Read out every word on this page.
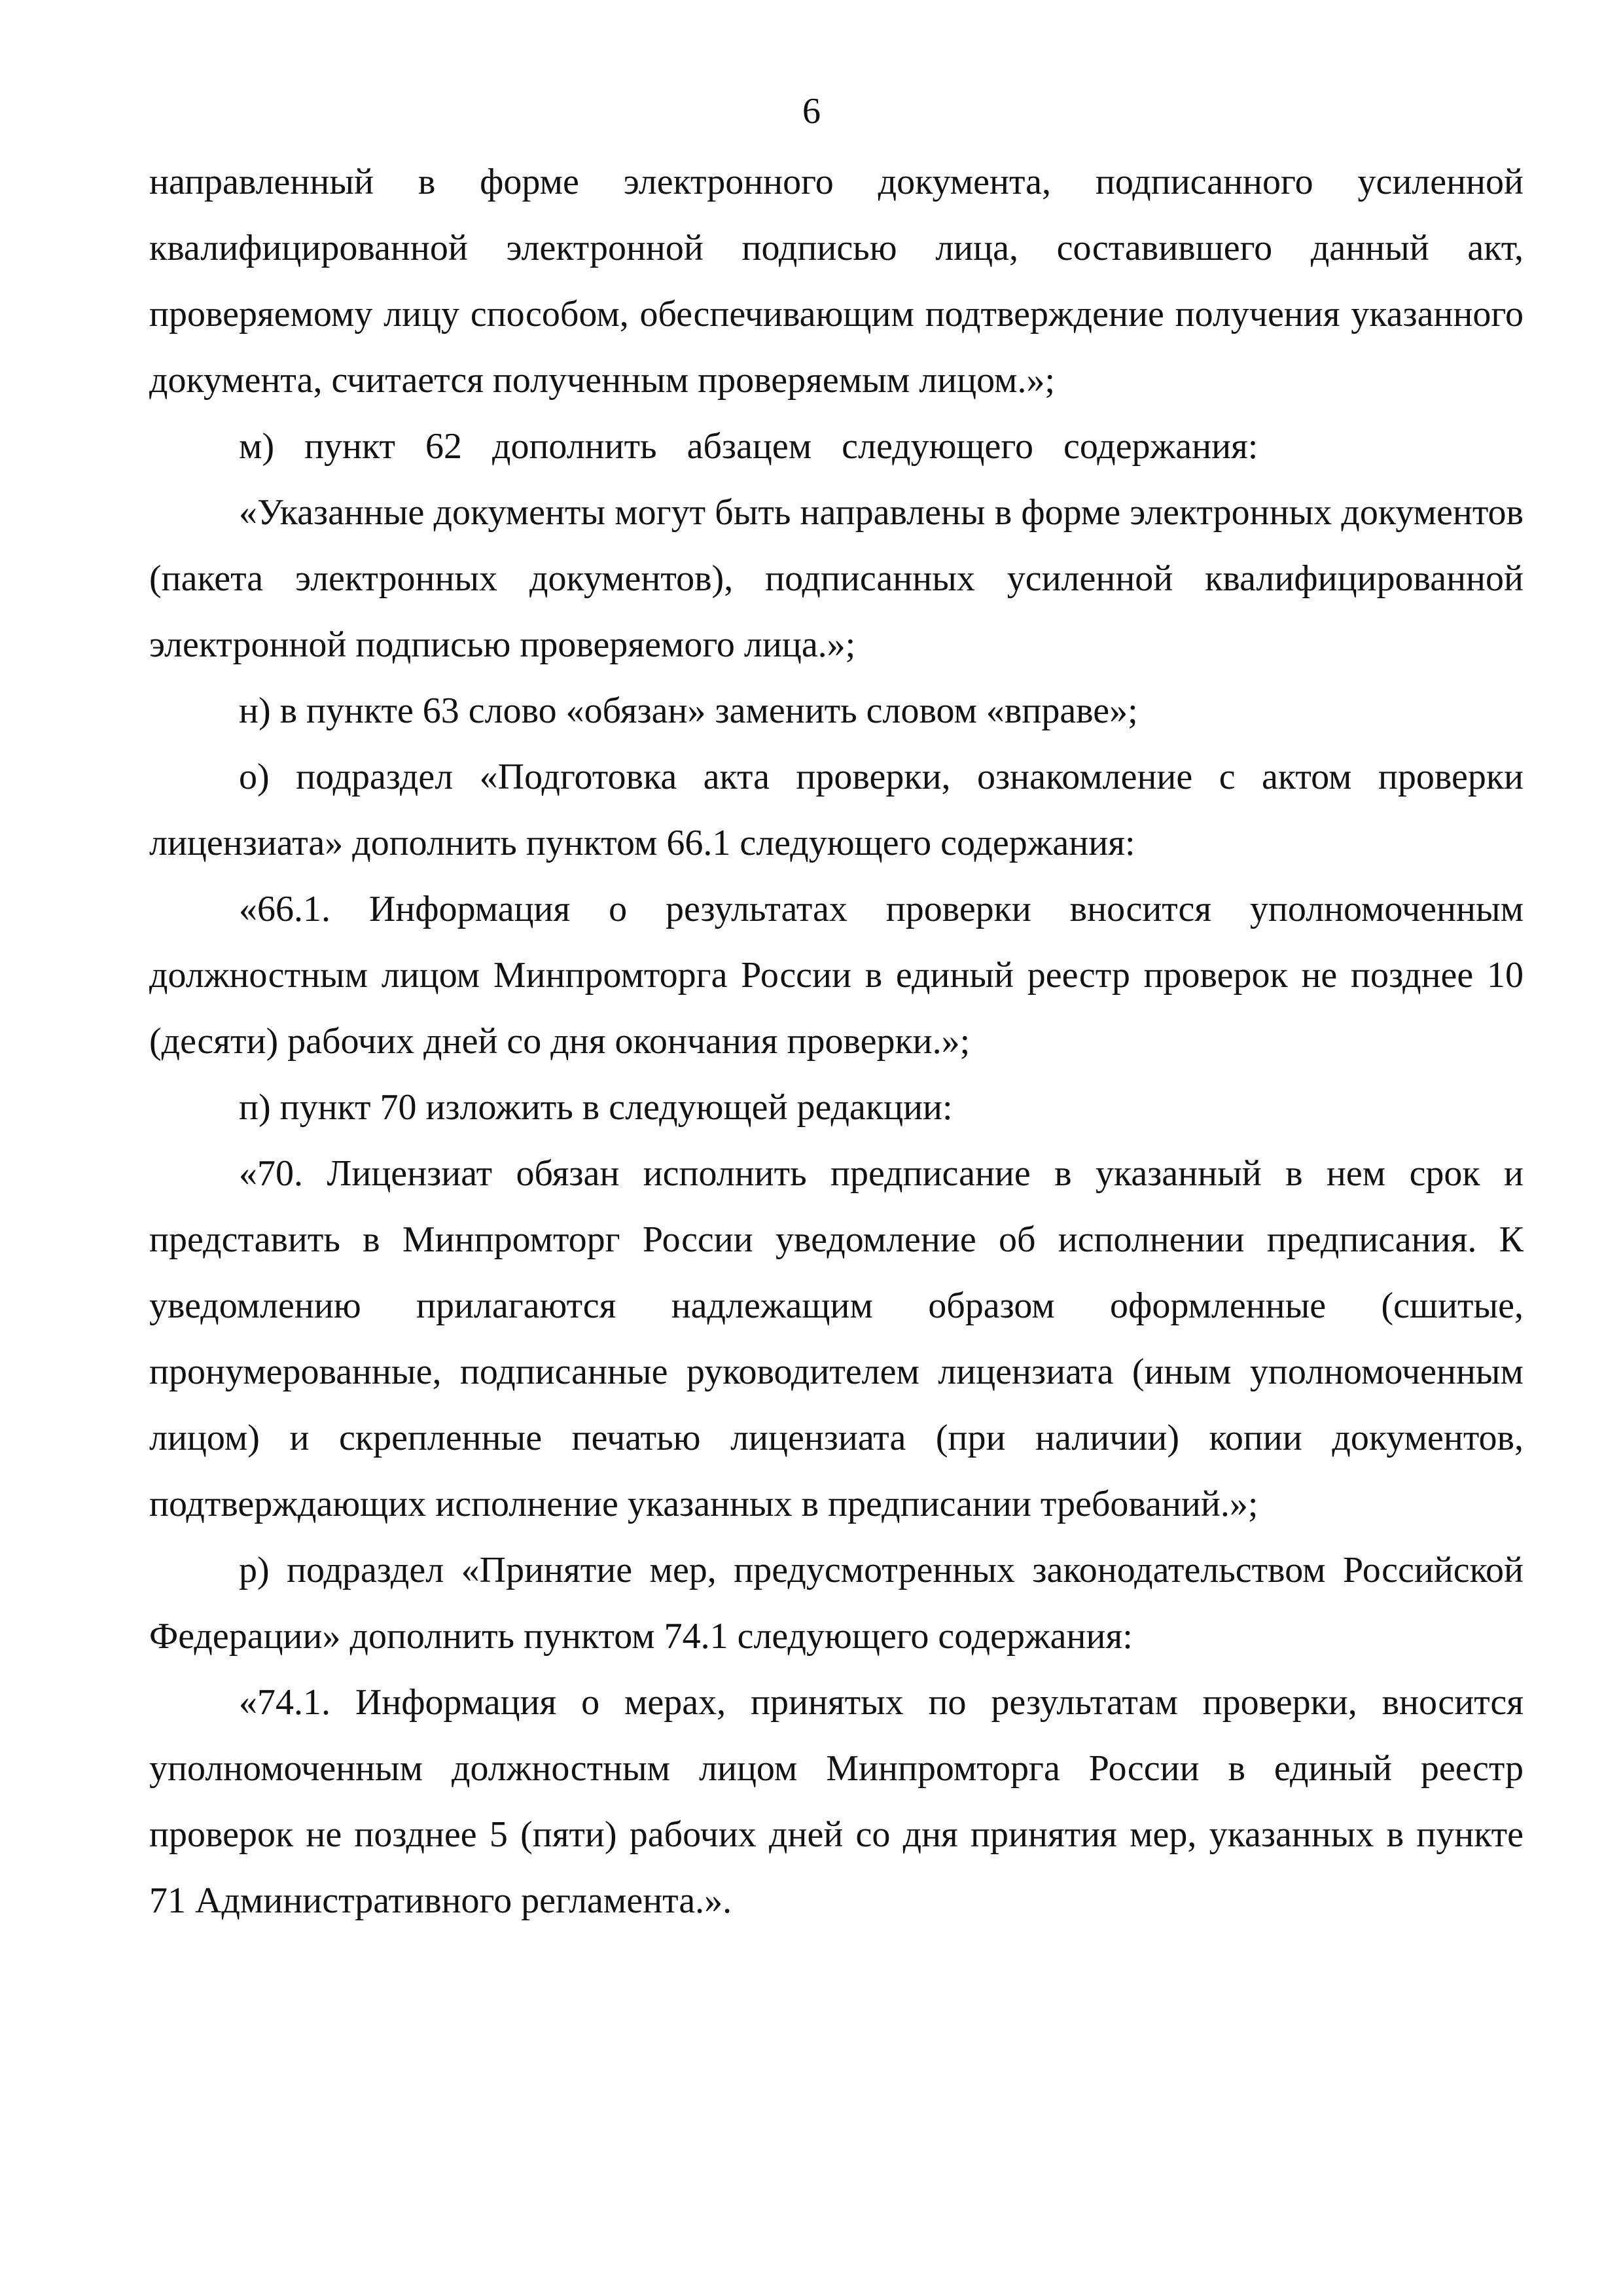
6

направленный в форме электронного документа, подписанного усиленной квалифицированной электронной подписью лица, составившего данный акт, проверяемому лицу способом, обеспечивающим подтверждение получения указанного документа, считается полученным проверяемым лицом.»;

м) пункт 62 дополнить абзацем следующего содержания:

«Указанные документы могут быть направлены в форме электронных документов (пакета электронных документов), подписанных усиленной квалифицированной электронной подписью проверяемого лица.»;

н) в пункте 63 слово «обязан» заменить словом «вправе»;

о) подраздел «Подготовка акта проверки, ознакомление с актом проверки лицензиата» дополнить пунктом 66.1 следующего содержания:

«66.1. Информация о результатах проверки вносится уполномоченным должностным лицом Минпромторга России в единый реестр проверок не позднее 10 (десяти) рабочих дней со дня окончания проверки.»;

п) пункт 70 изложить в следующей редакции:

«70. Лицензиат обязан исполнить предписание в указанный в нем срок и представить в Минпромторг России уведомление об исполнении предписания. К уведомлению прилагаются надлежащим образом оформленные (сшитые, пронумерованные, подписанные руководителем лицензиата (иным уполномоченным лицом) и скрепленные печатью лицензиата (при наличии) копии документов, подтверждающих исполнение указанных в предписании требований.»;

р) подраздел «Принятие мер, предусмотренных законодательством Российской Федерации» дополнить пунктом 74.1 следующего содержания:

«74.1. Информация о мерах, принятых по результатам проверки, вносится уполномоченным должностным лицом Минпромторга России в единый реестр проверок не позднее 5 (пяти) рабочих дней со дня принятия мер, указанных в пункте 71 Административного регламента.».
